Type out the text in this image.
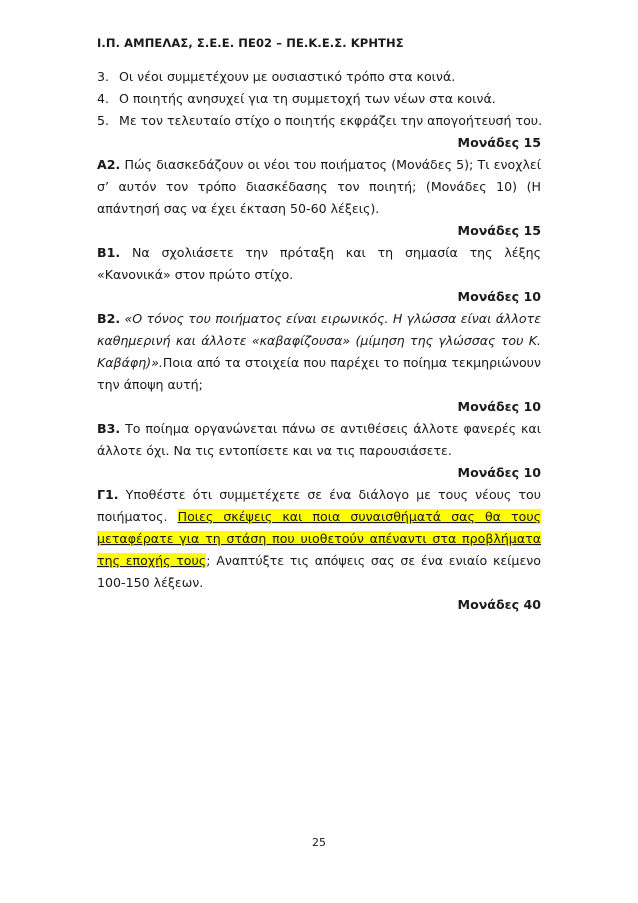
Ι.Π. ΑΜΠΕΛΑΣ, Σ.Ε.Ε. ΠΕ02 – ΠΕ.Κ.Ε.Σ. ΚΡΗΤΗΣ

3. Οι νέοι συμμετέχουν με ουσιαστικό τρόπο στα κοινά.

4. Ο ποιητής ανησυχεί για τη συμμετοχή των νέων στα κοινά.

5. Με τον τελευταίο στίχο ο ποιητής εκφράζει την απογοήτευσή του.

Μονάδες 15

Α2. Πώς διασκεδάζουν οι νέοι του ποιήματος (Μονάδες 5); Τι ενοχλεί σ’ αυτόν τον τρόπο διασκέδασης τον ποιητή; (Μονάδες 10) (Η απάντησή σας να έχει έκταση 50-60 λέξεις).

Μονάδες 15

Β1. Να σχολιάσετε την πρόταξη και τη σημασία της λέξης «Κανονικά» στον πρώτο στίχο.

Μονάδες 10

Β2. «Ο τόνος του ποιήματος είναι ειρωνικός. Η γλώσσα είναι άλλοτε καθημερινή και άλλοτε «καβαφίζουσα» (μίμηση της γλώσσας του Κ. Καβάφη)».Ποια από τα στοιχεία που παρέχει το ποίημα τεκμηριώνουν την άποψη αυτή;

Μονάδες 10

Β3. Το ποίημα οργανώνεται πάνω σε αντιθέσεις άλλοτε φανερές και άλλοτε όχι. Να τις εντοπίσετε και να τις παρουσιάσετε.

Μονάδες 10

Γ1. Υποθέστε ότι συμμετέχετε σε ένα διάλογο με τους νέους του ποιήματος. Ποιες σκέψεις και ποια συναισθήματά σας θα τους μεταφέρατε για τη στάση που υιοθετούν απέναντι στα προβλήματα της εποχής τους; Αναπτύξτε τις απόψεις σας σε ένα ενιαίο κείμενο 100-150 λέξεων.

Μονάδες 40

25
